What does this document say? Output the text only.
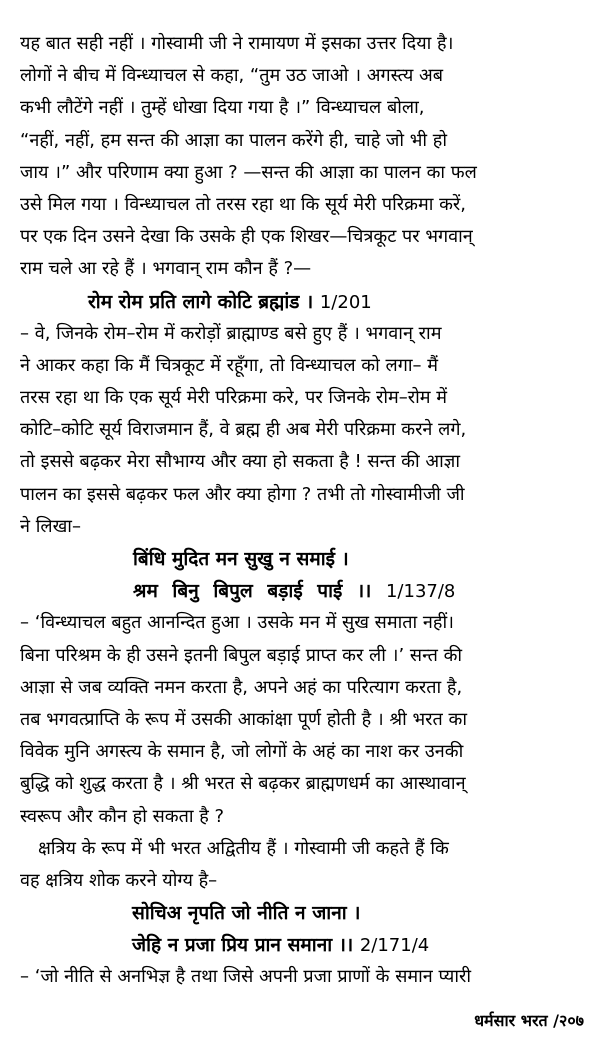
यह बात सही नहीं । गोस्वामी जी ने रामायण में इसका उत्तर दिया है।
लोगों ने बीच में विन्ध्याचल से कहा, “तुम उठ जाओ । अगस्त्य अब
कभी लौटेंगे नहीं । तुम्हें धोखा दिया गया है ।” विन्ध्याचल बोला,
“नहीं, नहीं, हम सन्त की आज्ञा का पालन करेंगे ही, चाहे जो भी हो
जाय ।” और परिणाम क्या हुआ ? —सन्त की आज्ञा का पालन का फल
उसे मिल गया । विन्ध्याचल तो तरस रहा था कि सूर्य मेरी परिक्रमा करें,
पर एक दिन उसने देखा कि उसके ही एक शिखर—चित्रकूट पर भगवान्
राम चले आ रहे हैं । भगवान् राम कौन हैं ?—
रोम रोम प्रति लागे कोटि ब्रह्मांड । 1/201
– वे, जिनके रोम–रोम में करोड़ों ब्राह्माण्ड बसे हुए हैं । भगवान् राम
ने आकर कहा कि मैं चित्रकूट में रहूँगा, तो विन्ध्याचल को लगा– मैं
तरस रहा था कि एक सूर्य मेरी परिक्रमा करे, पर जिनके रोम–रोम में
कोटि–कोटि सूर्य विराजमान हैं, वे ब्रह्म ही अब मेरी परिक्रमा करने लगे,
तो इससे बढ़कर मेरा सौभाग्य और क्या हो सकता है ! सन्त की आज्ञा
पालन का इससे बढ़कर फल और क्या होगा ? तभी तो गोस्वामीजी जी
ने लिखा–
बिंधि मुदित मन सुखु न समाई ।
श्रम बिनु बिपुल बड़ाई पाई ।। 1/137/8
– ‘विन्ध्याचल बहुत आनन्दित हुआ । उसके मन में सुख समाता नहीं।
बिना परिश्रम के ही उसने इतनी बिपुल बड़ाई प्राप्त कर ली ।’ सन्त की
आज्ञा से जब व्यक्ति नमन करता है, अपने अहं का परित्याग करता है,
तब भगवत्प्राप्ति के रूप में उसकी आकांक्षा पूर्ण होती है । श्री भरत का
विवेक मुनि अगस्त्य के समान है, जो लोगों के अहं का नाश कर उनकी
बुद्धि को शुद्ध करता है । श्री भरत से बढ़कर ब्राह्मणधर्म का आस्थावान्
स्वरूप और कौन हो सकता है ?
क्षत्रिय के रूप में भी भरत अद्वितीय हैं । गोस्वामी जी कहते हैं कि
वह क्षत्रिय शोक करने योग्य है–
सोचिअ नृपति जो नीति न जाना ।
जेहि न प्रजा प्रिय प्रान समाना ।। 2/171/4
– ‘जो नीति से अनभिज्ञ है तथा जिसे अपनी प्रजा प्राणों के समान प्यारी
धर्मसार भरत /२०७
